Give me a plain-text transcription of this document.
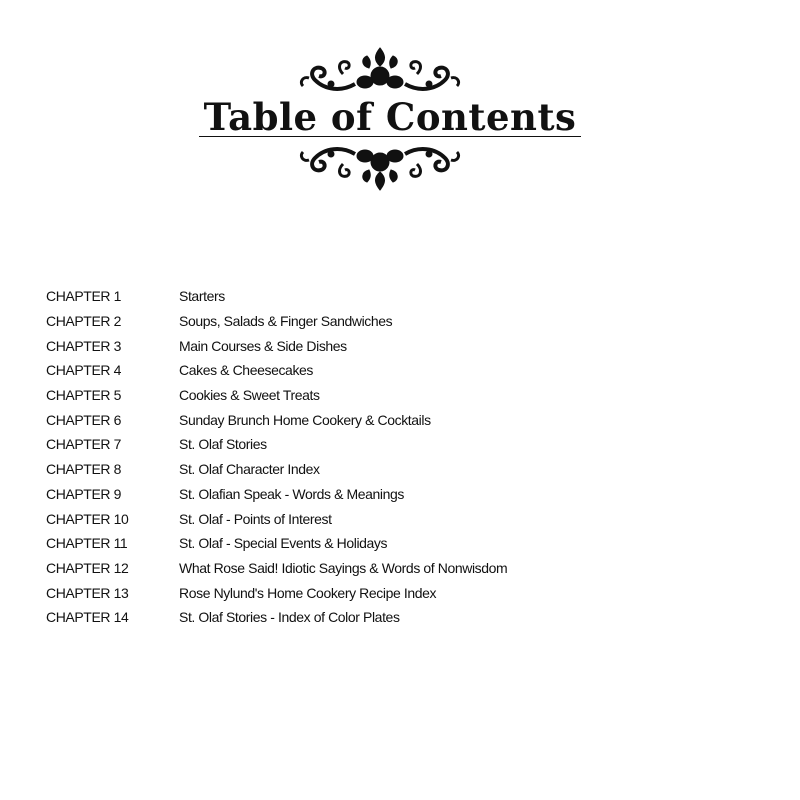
Table of Contents
CHAPTER 1	Starters
CHAPTER 2	Soups, Salads & Finger Sandwiches
CHAPTER 3	Main Courses & Side Dishes
CHAPTER 4	Cakes & Cheesecakes
CHAPTER 5	Cookies & Sweet Treats
CHAPTER 6	Sunday Brunch Home Cookery & Cocktails
CHAPTER 7	St. Olaf Stories
CHAPTER 8	St. Olaf Character Index
CHAPTER 9	St. Olafian Speak - Words & Meanings
CHAPTER 10	St. Olaf - Points of Interest
CHAPTER 11	St. Olaf - Special Events & Holidays
CHAPTER 12	What Rose Said! Idiotic Sayings & Words of Nonwisdom
CHAPTER 13	Rose Nylund's Home Cookery Recipe Index
CHAPTER 14	St. Olaf Stories - Index of Color Plates
